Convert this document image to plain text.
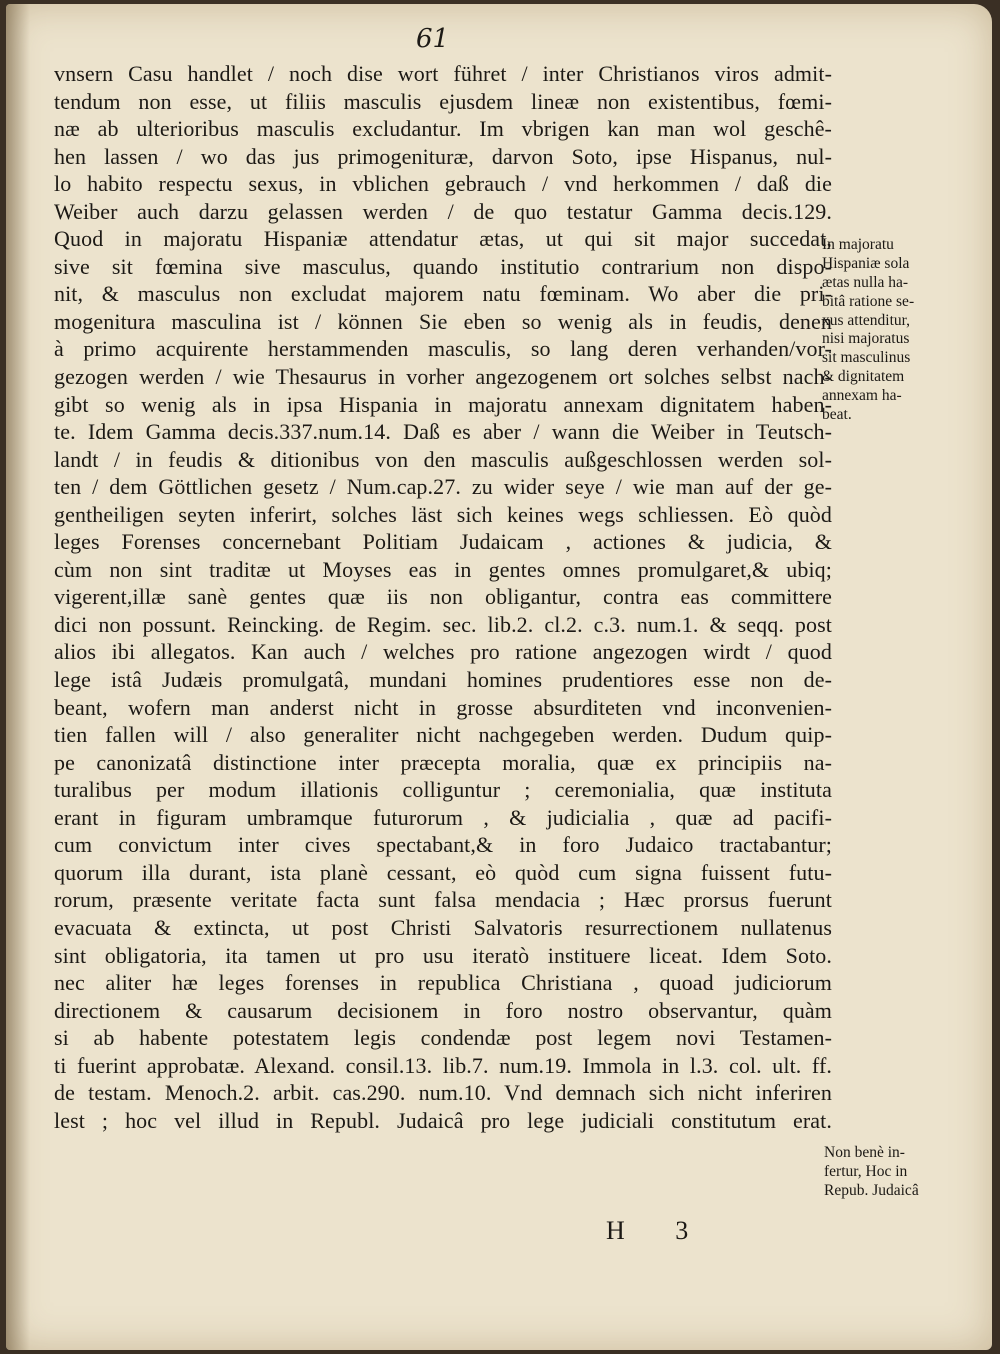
61
vnsern Casu handlet / noch dise wort führet / inter Christianos viros admit-
tendum non esse, ut filiis masculis ejusdem lineæ non existentibus, fœmi-
næ ab ulterioribus masculis excludantur. Im vbrigen kan man wol geschê-
hen lassen / wo das jus primogenituræ, darvon Soto, ipse Hispanus, nul-
lo habito respectu sexus, in vblichen gebrauch / vnd herkommen / daß die
Weiber auch darzu gelassen werden / de quo testatur Gamma decis.129.
Quod in majoratu Hispaniæ attendatur ætas, ut qui sit major succedat,
sive sit fœmina sive masculus, quando institutio contrarium non dispo-
nit, & masculus non excludat majorem natu fœminam. Wo aber die pri-
mogenitura masculina ist / können Sie eben so wenig als in feudis, denen
à primo acquirente herstammenden masculis, so lang deren verhanden/vor-
gezogen werden / wie Thesaurus in vorher angezogenem ort solches selbst nach-
gibt so wenig als in ipsa Hispania in majoratu annexam dignitatem haben-
te. Idem Gamma decis.337.num.14. Daß es aber / wann die Weiber in Teutsch-
landt / in feudis & ditionibus von den masculis außgeschlossen werden sol-
ten / dem Göttlichen gesetz / Num.cap.27. zu wider seye / wie man auf der ge-
gentheiligen seyten inferirt, solches läst sich keines wegs schliessen. Eò quòd
leges Forenses concernebant Politiam Judaicam , actiones & judicia, &
cùm non sint traditæ ut Moyses eas in gentes omnes promulgaret,& ubiq;
vigerent,illæ sanè gentes quæ iis non obligantur, contra eas committere
dici non possunt. Reincking. de Regim. sec. lib.2. cl.2. c.3. num.1. & seqq. post
alios ibi allegatos. Kan auch / welches pro ratione angezogen wirdt / quod
lege istâ Judæis promulgatâ, mundani homines prudentiores esse non de-
beant, wofern man anderst nicht in grosse absurditeten vnd inconvenien-
tien fallen will / also generaliter nicht nachgegeben werden. Dudum quip-
pe canonizatâ distinctione inter præcepta moralia, quæ ex principiis na-
turalibus per modum illationis colliguntur ; ceremonialia, quæ instituta
erant in figuram umbramque futurorum , & judicialia , quæ ad pacifi-
cum convictum inter cives spectabant,& in foro Judaico tractabantur;
quorum illa durant, ista planè cessant, eò quòd cum signa fuissent futu-
rorum, præsente veritate facta sunt falsa mendacia ; Hæc prorsus fuerunt
evacuata & extincta, ut post Christi Salvatoris resurrectionem nullatenus
sint obligatoria, ita tamen ut pro usu iteratò instituere liceat. Idem Soto.
nec aliter hæ leges forenses in republica Christiana , quoad judiciorum
directionem & causarum decisionem in foro nostro observantur, quàm
si ab habente potestatem legis condendæ post legem novi Testamen-
ti fuerint approbatæ. Alexand. consil.13. lib.7. num.19. Immola in l.3. col. ult. ff.
de testam. Menoch.2. arbit. cas.290. num.10. Vnd demnach sich nicht inferiren
lest ; hoc vel illud in Republ. Judaicâ pro lege judiciali constitutum erat.
In majoratu
Hispaniæ sola
ætas nulla ha-
bitâ ratione se-
xus attenditur,
nisi majoratus
sit masculinus
& dignitatem
annexam ha-
beat.
Non benè in-
fertur, Hoc in
Repub. Judaicâ
H 3
